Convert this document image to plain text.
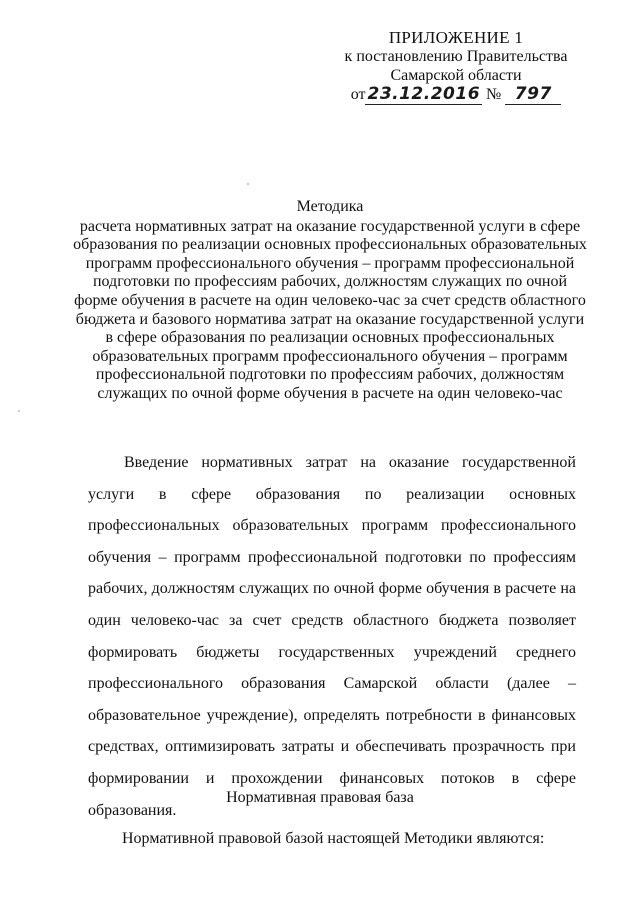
ПРИЛОЖЕНИЕ 1
к постановлению Правительства
Самарской области
от 23.12.2016 № 797
Методика
расчета нормативных затрат на оказание государственной услуги в сфере
образования по реализации основных профессиональных образовательных
программ профессионального обучения – программ профессиональной
подготовки по профессиям рабочих, должностям служащих по очной
форме обучения в расчете на один человеко-час за счет средств областного
бюджета и базового норматива затрат на оказание государственной услуги
в сфере образования по реализации основных профессиональных
образовательных программ профессионального обучения – программ
профессиональной подготовки по профессиям рабочих, должностям
служащих по очной форме обучения в расчете на один человеко-час
Введение нормативных затрат на оказание государственной услуги в сфере образования по реализации основных профессиональных образовательных программ профессионального обучения – программ профессиональной подготовки по профессиям рабочих, должностям служащих по очной форме обучения в расчете на один человеко-час за счет средств областного бюджета позволяет формировать бюджеты государственных учреждений среднего профессионального образования Самарской области (далее – образовательное учреждение), определять потребности в финансовых средствах, оптимизировать затраты и обеспечивать прозрачность при формировании и прохождении финансовых потоков в сфере образования.
Нормативная правовая база
Нормативной правовой базой настоящей Методики являются:
